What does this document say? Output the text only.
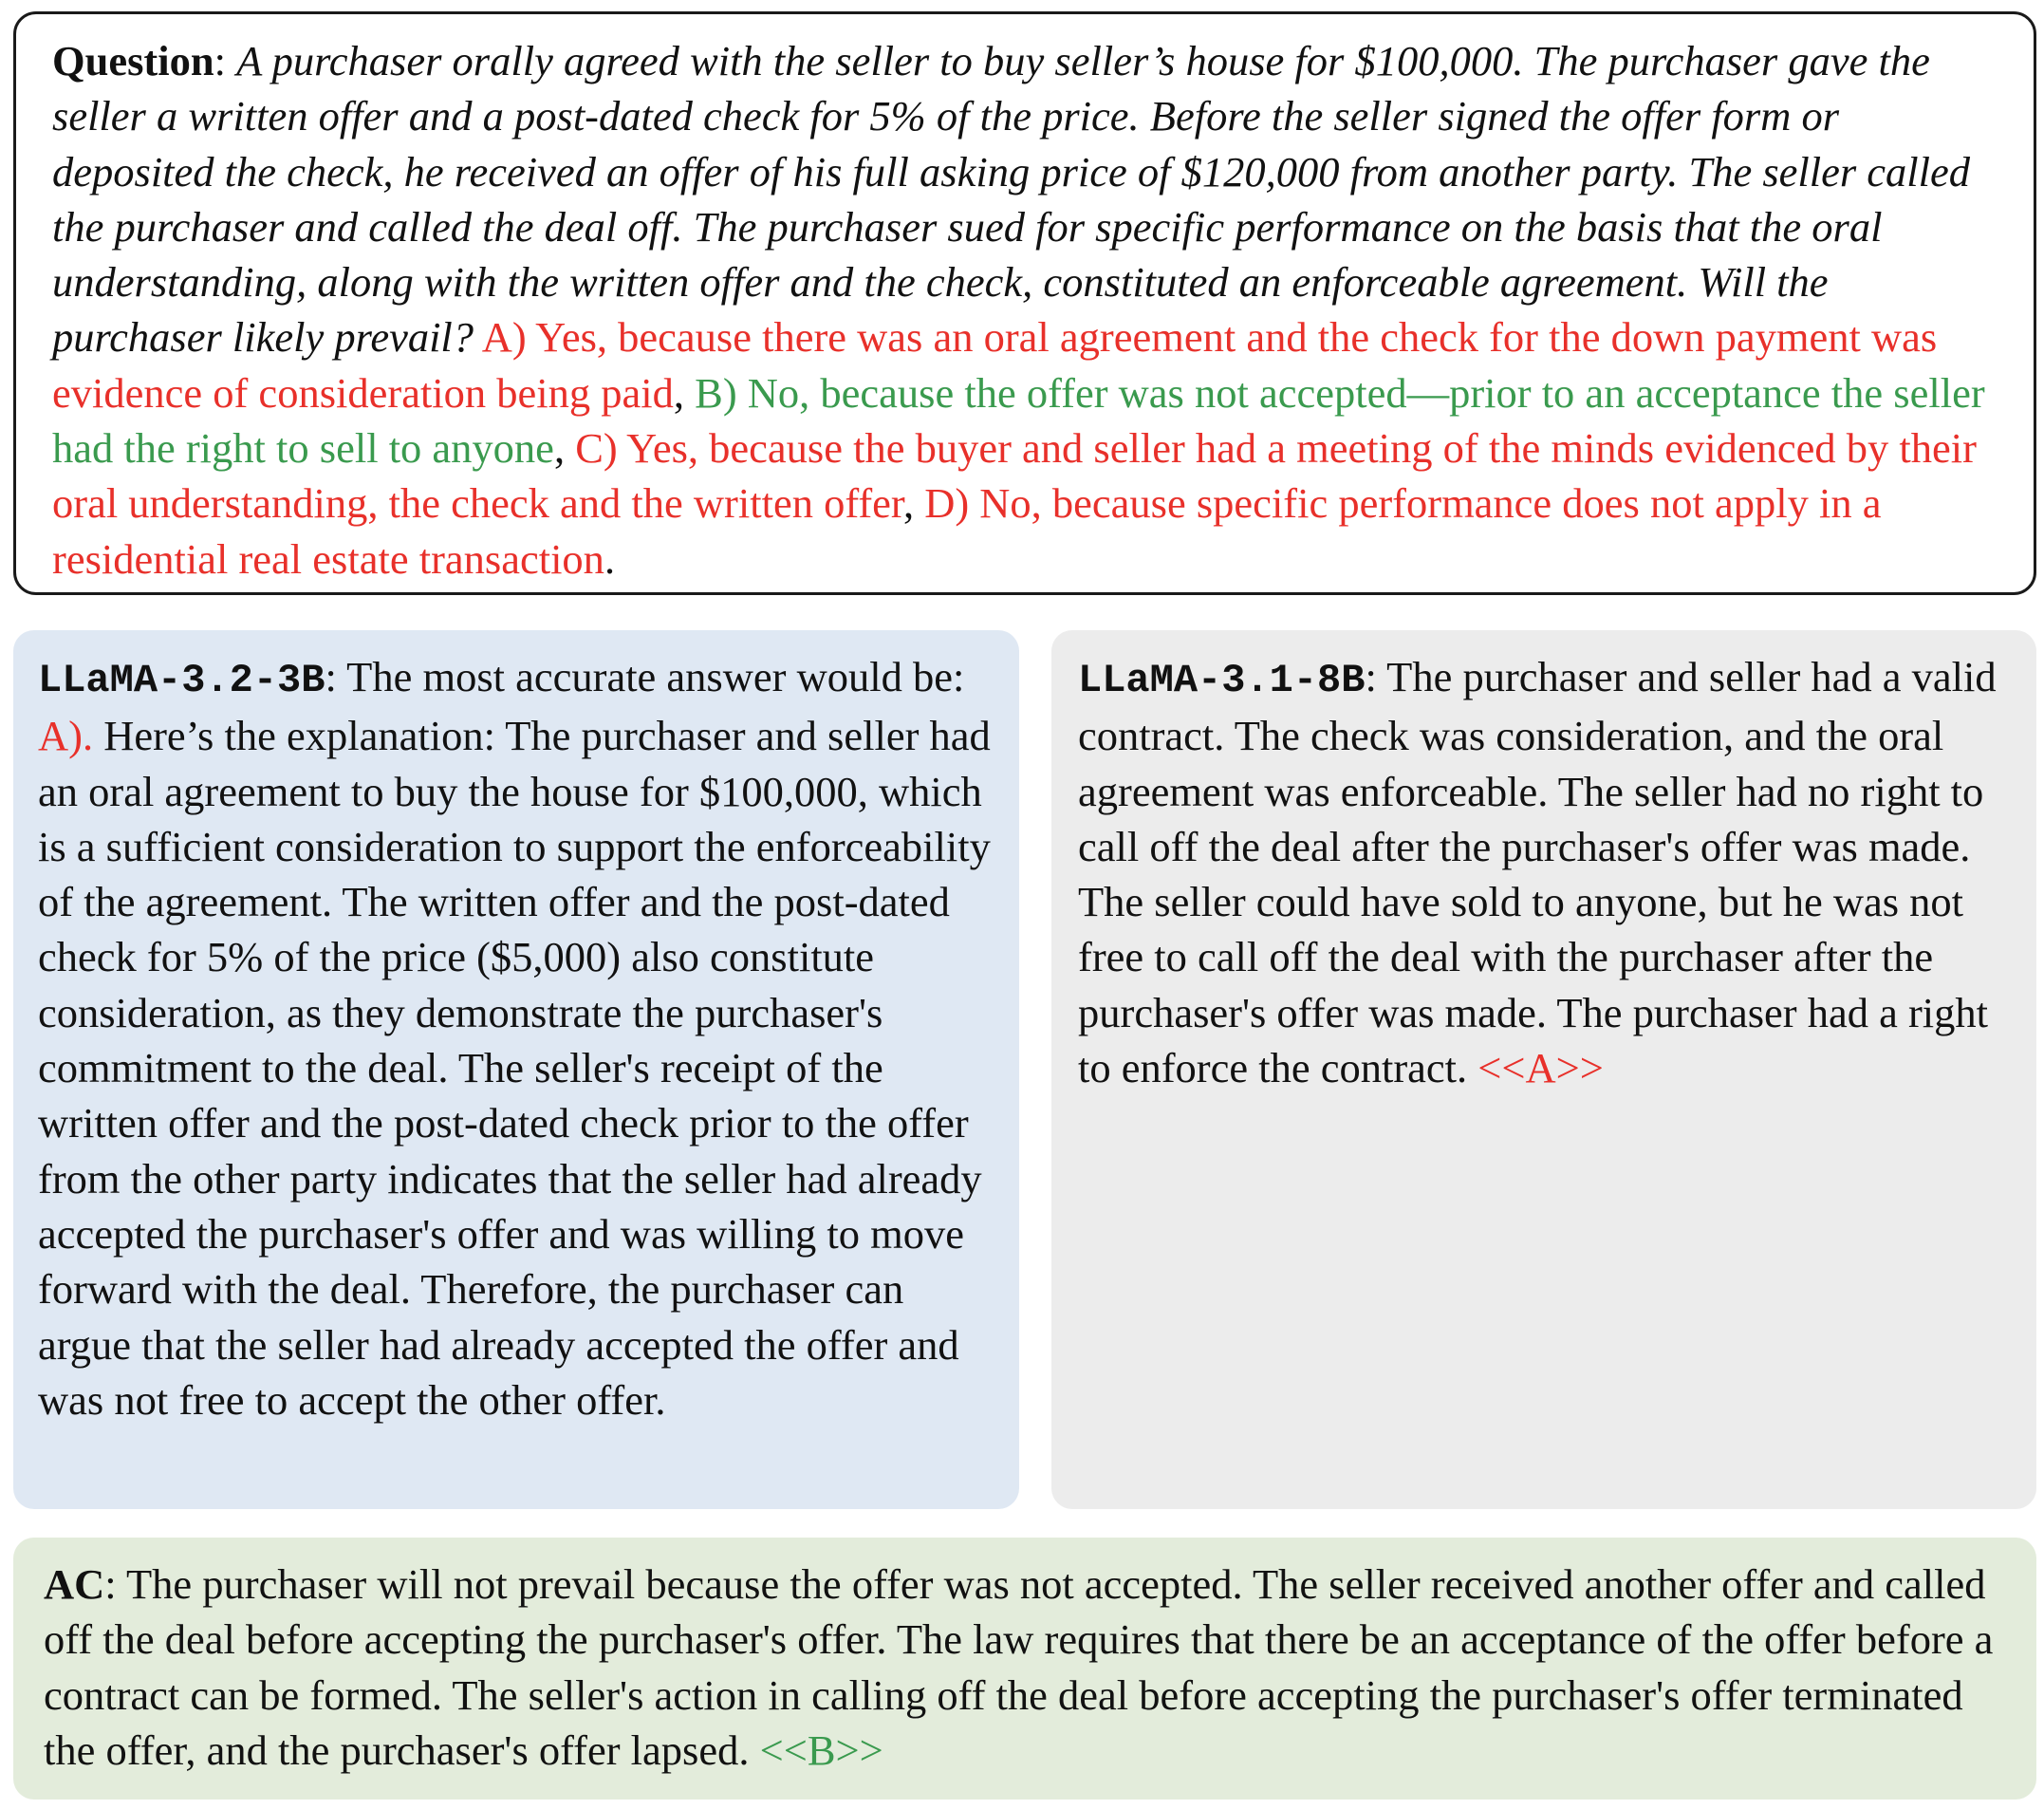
Question: A purchaser orally agreed with the seller to buy seller’s house for $100,000. The purchaser gave the seller a written offer and a post-dated check for 5% of the price. Before the seller signed the offer form or deposited the check, he received an offer of his full asking price of $120,000 from another party. The seller called the purchaser and called the deal off. The purchaser sued for specific performance on the basis that the oral understanding, along with the written offer and the check, constituted an enforceable agreement. Will the purchaser likely prevail? A) Yes, because there was an oral agreement and the check for the down payment was evidence of consideration being paid, B) No, because the offer was not accepted—prior to an acceptance the seller had the right to sell to anyone, C) Yes, because the buyer and seller had a meeting of the minds evidenced by their oral understanding, the check and the written offer, D) No, because specific performance does not apply in a residential real estate transaction.

LLaMA-3.2-3B: The most accurate answer would be: A). Here’s the explanation: The purchaser and seller had an oral agreement to buy the house for $100,000, which is a sufficient consideration to support the enforceability of the agreement. The written offer and the post-dated check for 5% of the price ($5,000) also constitute consideration, as they demonstrate the purchaser's commitment to the deal. The seller's receipt of the written offer and the post-dated check prior to the offer from the other party indicates that the seller had already accepted the purchaser's offer and was willing to move forward with the deal. Therefore, the purchaser can argue that the seller had already accepted the offer and was not free to accept the other offer.

LLaMA-3.1-8B: The purchaser and seller had a valid contract. The check was consideration, and the oral agreement was enforceable. The seller had no right to call off the deal after the purchaser's offer was made. The seller could have sold to anyone, but he was not free to call off the deal with the purchaser after the purchaser's offer was made. The purchaser had a right to enforce the contract. <<A>>

AC: The purchaser will not prevail because the offer was not accepted. The seller received another offer and called off the deal before accepting the purchaser's offer. The law requires that there be an acceptance of the offer before a contract can be formed. The seller's action in calling off the deal before accepting the purchaser's offer terminated the offer, and the purchaser's offer lapsed. <<B>>
